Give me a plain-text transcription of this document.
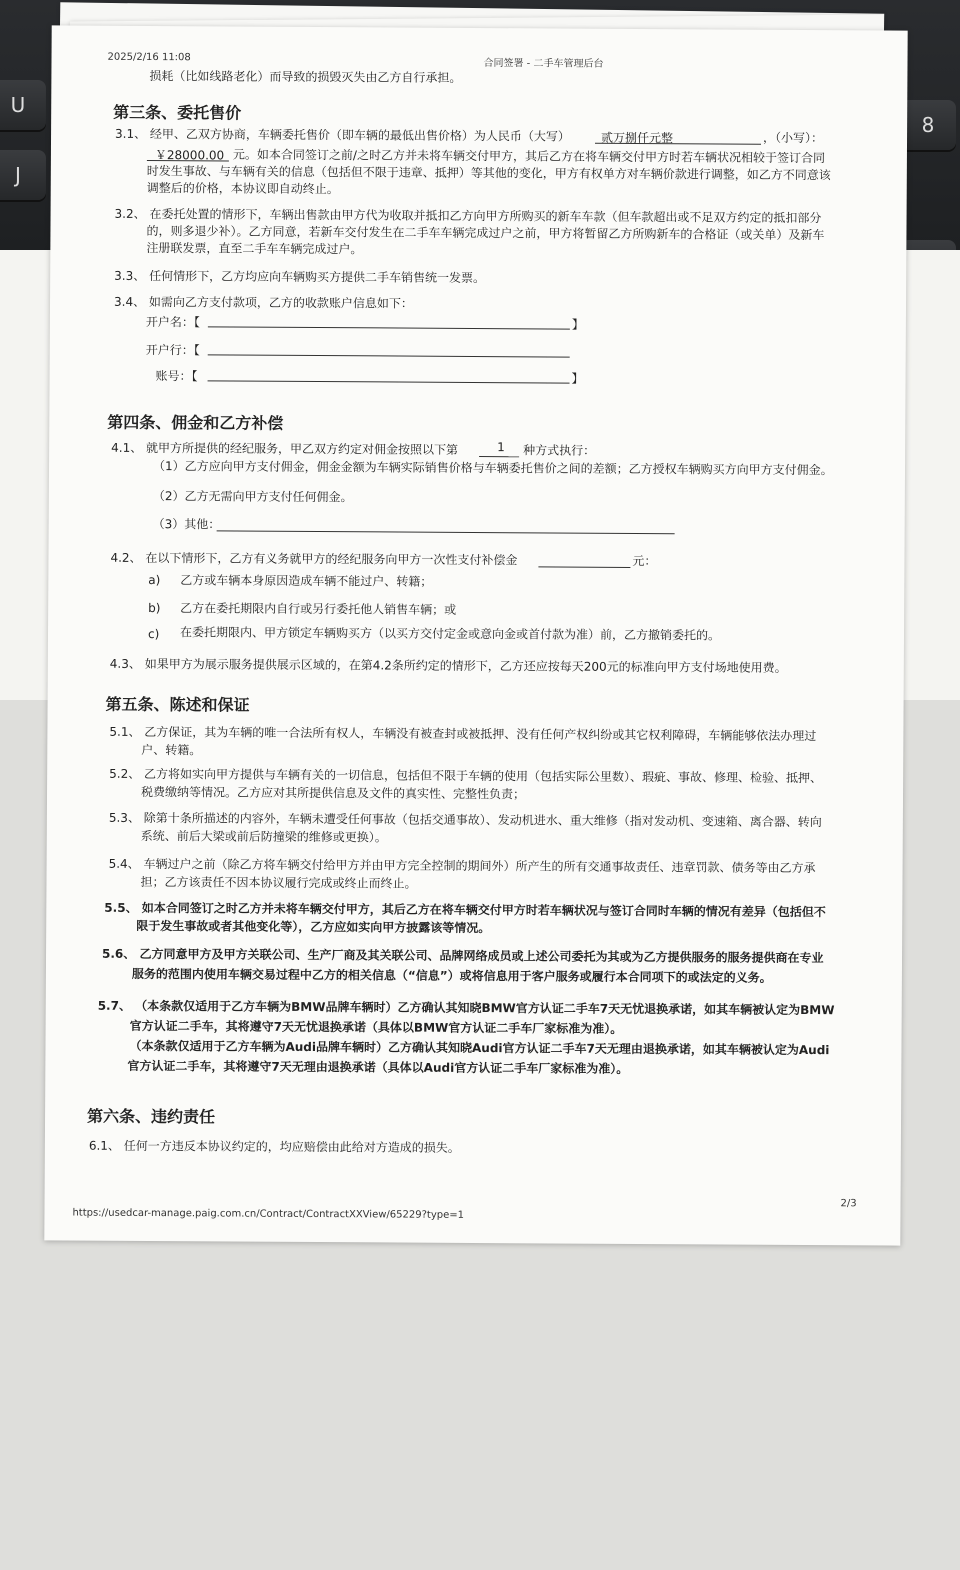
U
J
8
2025/2/16 11:08
合同签署 - 二手车管理后台
损耗（比如线路老化）而导致的损毁灭失由乙方自行承担。
第三条、委托售价
3.1、 经甲、乙双方协商，车辆委托售价（即车辆的最低出售价格）为人民币（大写）	贰万捌仟元整	，（小写）：
￥28000.00 元。如本合同签订之前/之时乙方并未将车辆交付甲方，其后乙方在将车辆交付甲方时若车辆状况相较于签订合同
时发生事故、与车辆有关的信息（包括但不限于违章、抵押）等其他的变化，甲方有权单方对车辆价款进行调整，如乙方不同意该
调整后的价格，本协议即自动终止。
3.2、 在委托处置的情形下，车辆出售款由甲方代为收取并抵扣乙方向甲方所购买的新车车款（但车款超出或不足双方约定的抵扣部分
的，则多退少补）。乙方同意，若新车交付发生在二手车车辆完成过户之前，甲方将暂留乙方所购新车的合格证（或关单）及新车
注册联发票，直至二手车车辆完成过户。
3.3、 任何情形下，乙方均应向车辆购买方提供二手车销售统一发票。
3.4、 如需向乙方支付款项，乙方的收款账户信息如下：
开户名：【	】
开户行：【
账号：【	】
第四条、佣金和乙方补偿
4.1、 就甲方所提供的经纪服务，甲乙双方约定对佣金按照以下第	1 种方式执行：
（1）乙方应向甲方支付佣金，佣金金额为车辆实际销售价格与车辆委托售价之间的差额；乙方授权车辆购买方向甲方支付佣金。
（2）乙方无需向甲方支付任何佣金。
（3）其他：
4.2、 在以下情形下，乙方有义务就甲方的经纪服务向甲方一次性支付补偿金	元：
a) 乙方或车辆本身原因造成车辆不能过户、转籍；
b) 乙方在委托期限内自行或另行委托他人销售车辆；或
c) 在委托期限内、甲方锁定车辆购买方（以买方交付定金或意向金或首付款为准）前，乙方撤销委托的。
4.3、 如果甲方为展示服务提供展示区域的，在第4.2条所约定的情形下，乙方还应按每天200元的标准向甲方支付场地使用费。
第五条、陈述和保证
5.1、 乙方保证，其为车辆的唯一合法所有权人，车辆没有被查封或被抵押、没有任何产权纠纷或其它权利障碍，车辆能够依法办理过
户、转籍。
5.2、 乙方将如实向甲方提供与车辆有关的一切信息，包括但不限于车辆的使用（包括实际公里数）、瑕疵、事故、修理、检验、抵押、
税费缴纳等情况。乙方应对其所提供信息及文件的真实性、完整性负责；
5.3、 除第十条所描述的内容外，车辆未遭受任何事故（包括交通事故）、发动机进水、重大维修（指对发动机、变速箱、离合器、转向
系统、前后大梁或前后防撞梁的维修或更换）。
5.4、 车辆过户之前（除乙方将车辆交付给甲方并由甲方完全控制的期间外）所产生的所有交通事故责任、违章罚款、债务等由乙方承
担；乙方该责任不因本协议履行完成或终止而终止。
5.5、 如本合同签订之时乙方并未将车辆交付甲方，其后乙方在将车辆交付甲方时若车辆状况与签订合同时车辆的情况有差异（包括但不
限于发生事故或者其他变化等），乙方应如实向甲方披露该等情况。
5.6、 乙方同意甲方及甲方关联公司、生产厂商及其关联公司、品牌网络成员或上述公司委托为其或为乙方提供服务的服务提供商在专业
服务的范围内使用车辆交易过程中乙方的相关信息（“信息”）或将信息用于客户服务或履行本合同项下的或法定的义务。
5.7、 （本条款仅适用于乙方车辆为BMW品牌车辆时）乙方确认其知晓BMW官方认证二手车7天无忧退换承诺，如其车辆被认定为BMW
官方认证二手车，其将遵守7天无忧退换承诺（具体以BMW官方认证二手车厂家标准为准）。
（本条款仅适用于乙方车辆为Audi品牌车辆时）乙方确认其知晓Audi官方认证二手车7天无理由退换承诺，如其车辆被认定为Audi
官方认证二手车，其将遵守7天无理由退换承诺（具体以Audi官方认证二手车厂家标准为准）。
第六条、违约责任
6.1、 任何一方违反本协议约定的，均应赔偿由此给对方造成的损失。
https://usedcar-manage.paig.com.cn/Contract/ContractXXView/65229?type=1
2/3
